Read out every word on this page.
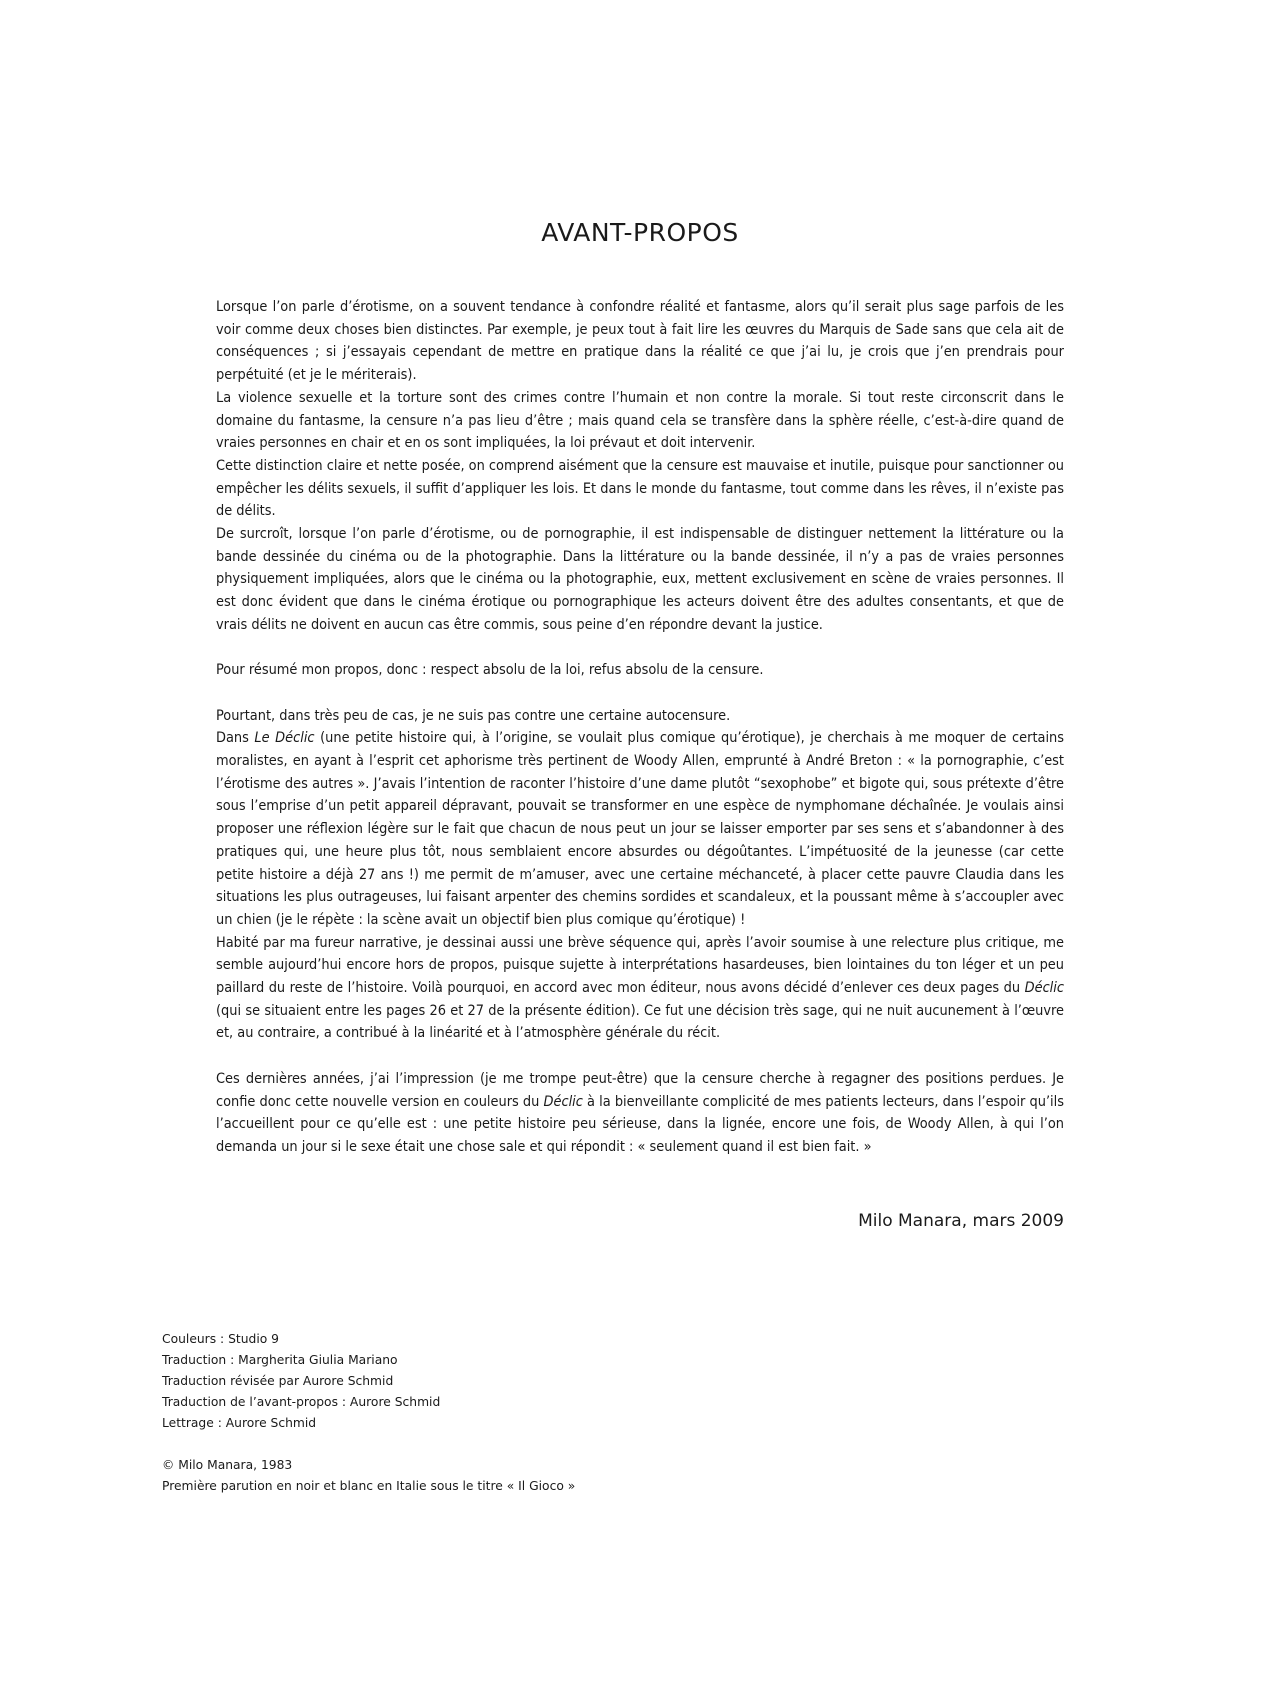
AVANT-PROPOS

Lorsque l’on parle d’érotisme, on a souvent tendance à confondre réalité et fantasme, alors qu’il serait plus sage parfois de les voir comme deux choses bien distinctes. Par exemple, je peux tout à fait lire les œuvres du Marquis de Sade sans que cela ait de conséquences ; si j’essayais cependant de mettre en pratique dans la réalité ce que j’ai lu, je crois que j’en prendrais pour perpétuité (et je le mériterais).

La violence sexuelle et la torture sont des crimes contre l’humain et non contre la morale. Si tout reste circonscrit dans le domaine du fantasme, la censure n’a pas lieu d’être ; mais quand cela se transfère dans la sphère réelle, c’est-à-dire quand de vraies personnes en chair et en os sont impliquées, la loi prévaut et doit intervenir.

Cette distinction claire et nette posée, on comprend aisément que la censure est mauvaise et inutile, puisque pour sanctionner ou empêcher les délits sexuels, il suffit d’appliquer les lois. Et dans le monde du fantasme, tout comme dans les rêves, il n’existe pas de délits.

De surcroît, lorsque l’on parle d’érotisme, ou de pornographie, il est indispensable de distinguer nettement la littérature ou la bande dessinée du cinéma ou de la photographie. Dans la littérature ou la bande dessinée, il n’y a pas de vraies personnes physiquement impliquées, alors que le cinéma ou la photographie, eux, mettent exclusivement en scène de vraies personnes. Il est donc évident que dans le cinéma érotique ou pornographique les acteurs doivent être des adultes consentants, et que de vrais délits ne doivent en aucun cas être commis, sous peine d’en répondre devant la justice.

Pour résumé mon propos, donc : respect absolu de la loi, refus absolu de la censure.

Pourtant, dans très peu de cas, je ne suis pas contre une certaine autocensure.

Dans Le Déclic (une petite histoire qui, à l’origine, se voulait plus comique qu’érotique), je cherchais à me moquer de certains moralistes, en ayant à l’esprit cet aphorisme très pertinent de Woody Allen, emprunté à André Breton : « la pornographie, c’est l’érotisme des autres ». J’avais l’intention de raconter l’histoire d’une dame plutôt “sexophobe” et bigote qui, sous prétexte d’être sous l’emprise d’un petit appareil dépravant, pouvait se transformer en une espèce de nymphomane déchaînée. Je voulais ainsi proposer une réflexion légère sur le fait que chacun de nous peut un jour se laisser emporter par ses sens et s’abandonner à des pratiques qui, une heure plus tôt, nous semblaient encore absurdes ou dégoûtantes. L’impétuosité de la jeunesse (car cette petite histoire a déjà 27 ans !) me permit de m’amuser, avec une certaine méchanceté, à placer cette pauvre Claudia dans les situations les plus outrageuses, lui faisant arpenter des chemins sordides et scandaleux, et la poussant même à s’accoupler avec un chien (je le répète : la scène avait un objectif bien plus comique qu’érotique) !

Habité par ma fureur narrative, je dessinai aussi une brève séquence qui, après l’avoir soumise à une relecture plus critique, me semble aujourd’hui encore hors de propos, puisque sujette à interprétations hasardeuses, bien lointaines du ton léger et un peu paillard du reste de l’histoire. Voilà pourquoi, en accord avec mon éditeur, nous avons décidé d’enlever ces deux pages du Déclic (qui se situaient entre les pages 26 et 27 de la présente édition). Ce fut une décision très sage, qui ne nuit aucunement à l’œuvre et, au contraire, a contribué à la linéarité et à l’atmosphère générale du récit.

Ces dernières années, j’ai l’impression (je me trompe peut-être) que la censure cherche à regagner des positions perdues. Je confie donc cette nouvelle version en couleurs du Déclic à la bienveillante complicité de mes patients lecteurs, dans l’espoir qu’ils l’accueillent pour ce qu’elle est : une petite histoire peu sérieuse, dans la lignée, encore une fois, de Woody Allen, à qui l’on demanda un jour si le sexe était une chose sale et qui répondit : « seulement quand il est bien fait. »

Milo Manara, mars 2009
Couleurs : Studio 9
Traduction : Margherita Giulia Mariano
Traduction révisée par Aurore Schmid
Traduction de l’avant-propos : Aurore Schmid
Lettrage : Aurore Schmid
© Milo Manara, 1983
Première parution en noir et blanc en Italie sous le titre « Il Gioco »
